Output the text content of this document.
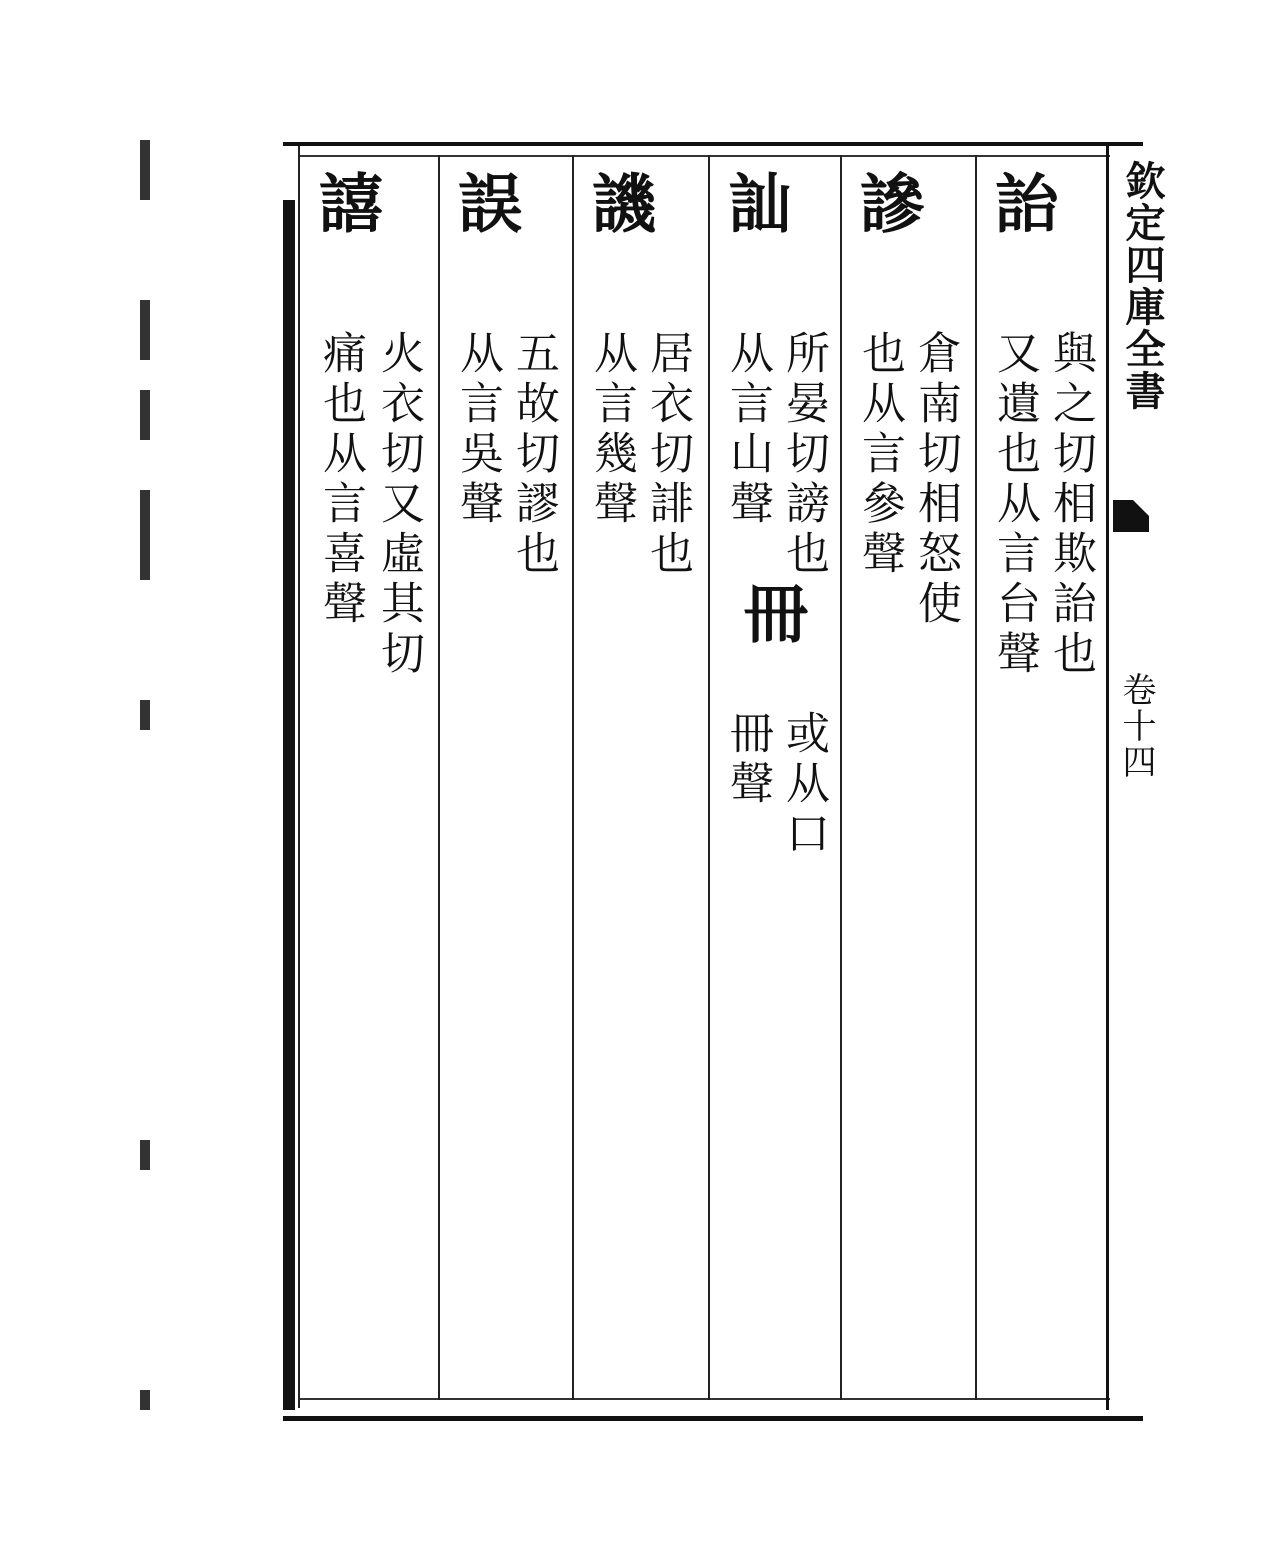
欽定四庫全書
卷十四
詒
與之切相欺詒也
又遺也从言台聲
謲
倉南切相怒使
也从言參聲
訕
所晏切謗也
从言山聲
冊
或从口
冊聲
譏
居衣切誹也
从言幾聲
誤
五故切謬也
从言吳聲
譆
火衣切又虛其切
痛也从言喜聲
